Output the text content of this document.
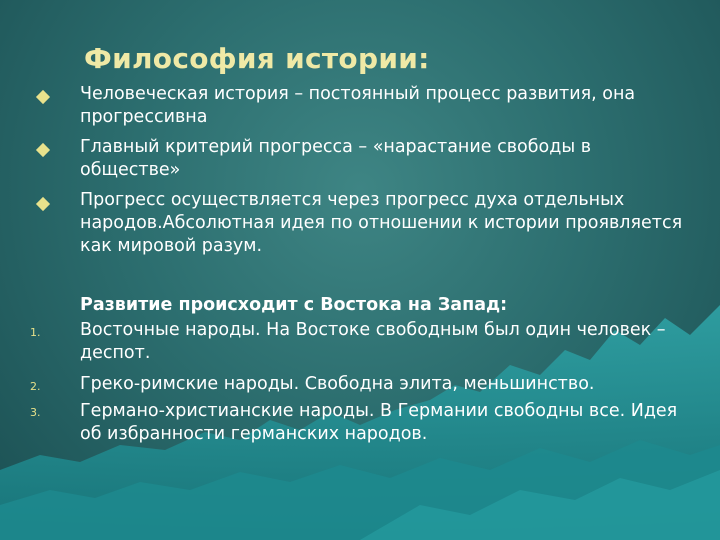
Философия истории:
Человеческая история – постоянный процесс развития, она прогрессивна
Главный критерий прогресса – «нарастание свободы в обществе»
Прогресс осуществляется через прогресс духа отдельных народов.Абсолютная идея по отношении к истории проявляется как мировой разум.
Развитие происходит с Востока на Запад:
1.	Восточные народы. На Востоке свободным был один человек – деспот.
2.	Греко-римские народы. Свободна элита, меньшинство.
3.	Германо-христианские народы. В Германии свободны все. Идея об избранности германских народов.
